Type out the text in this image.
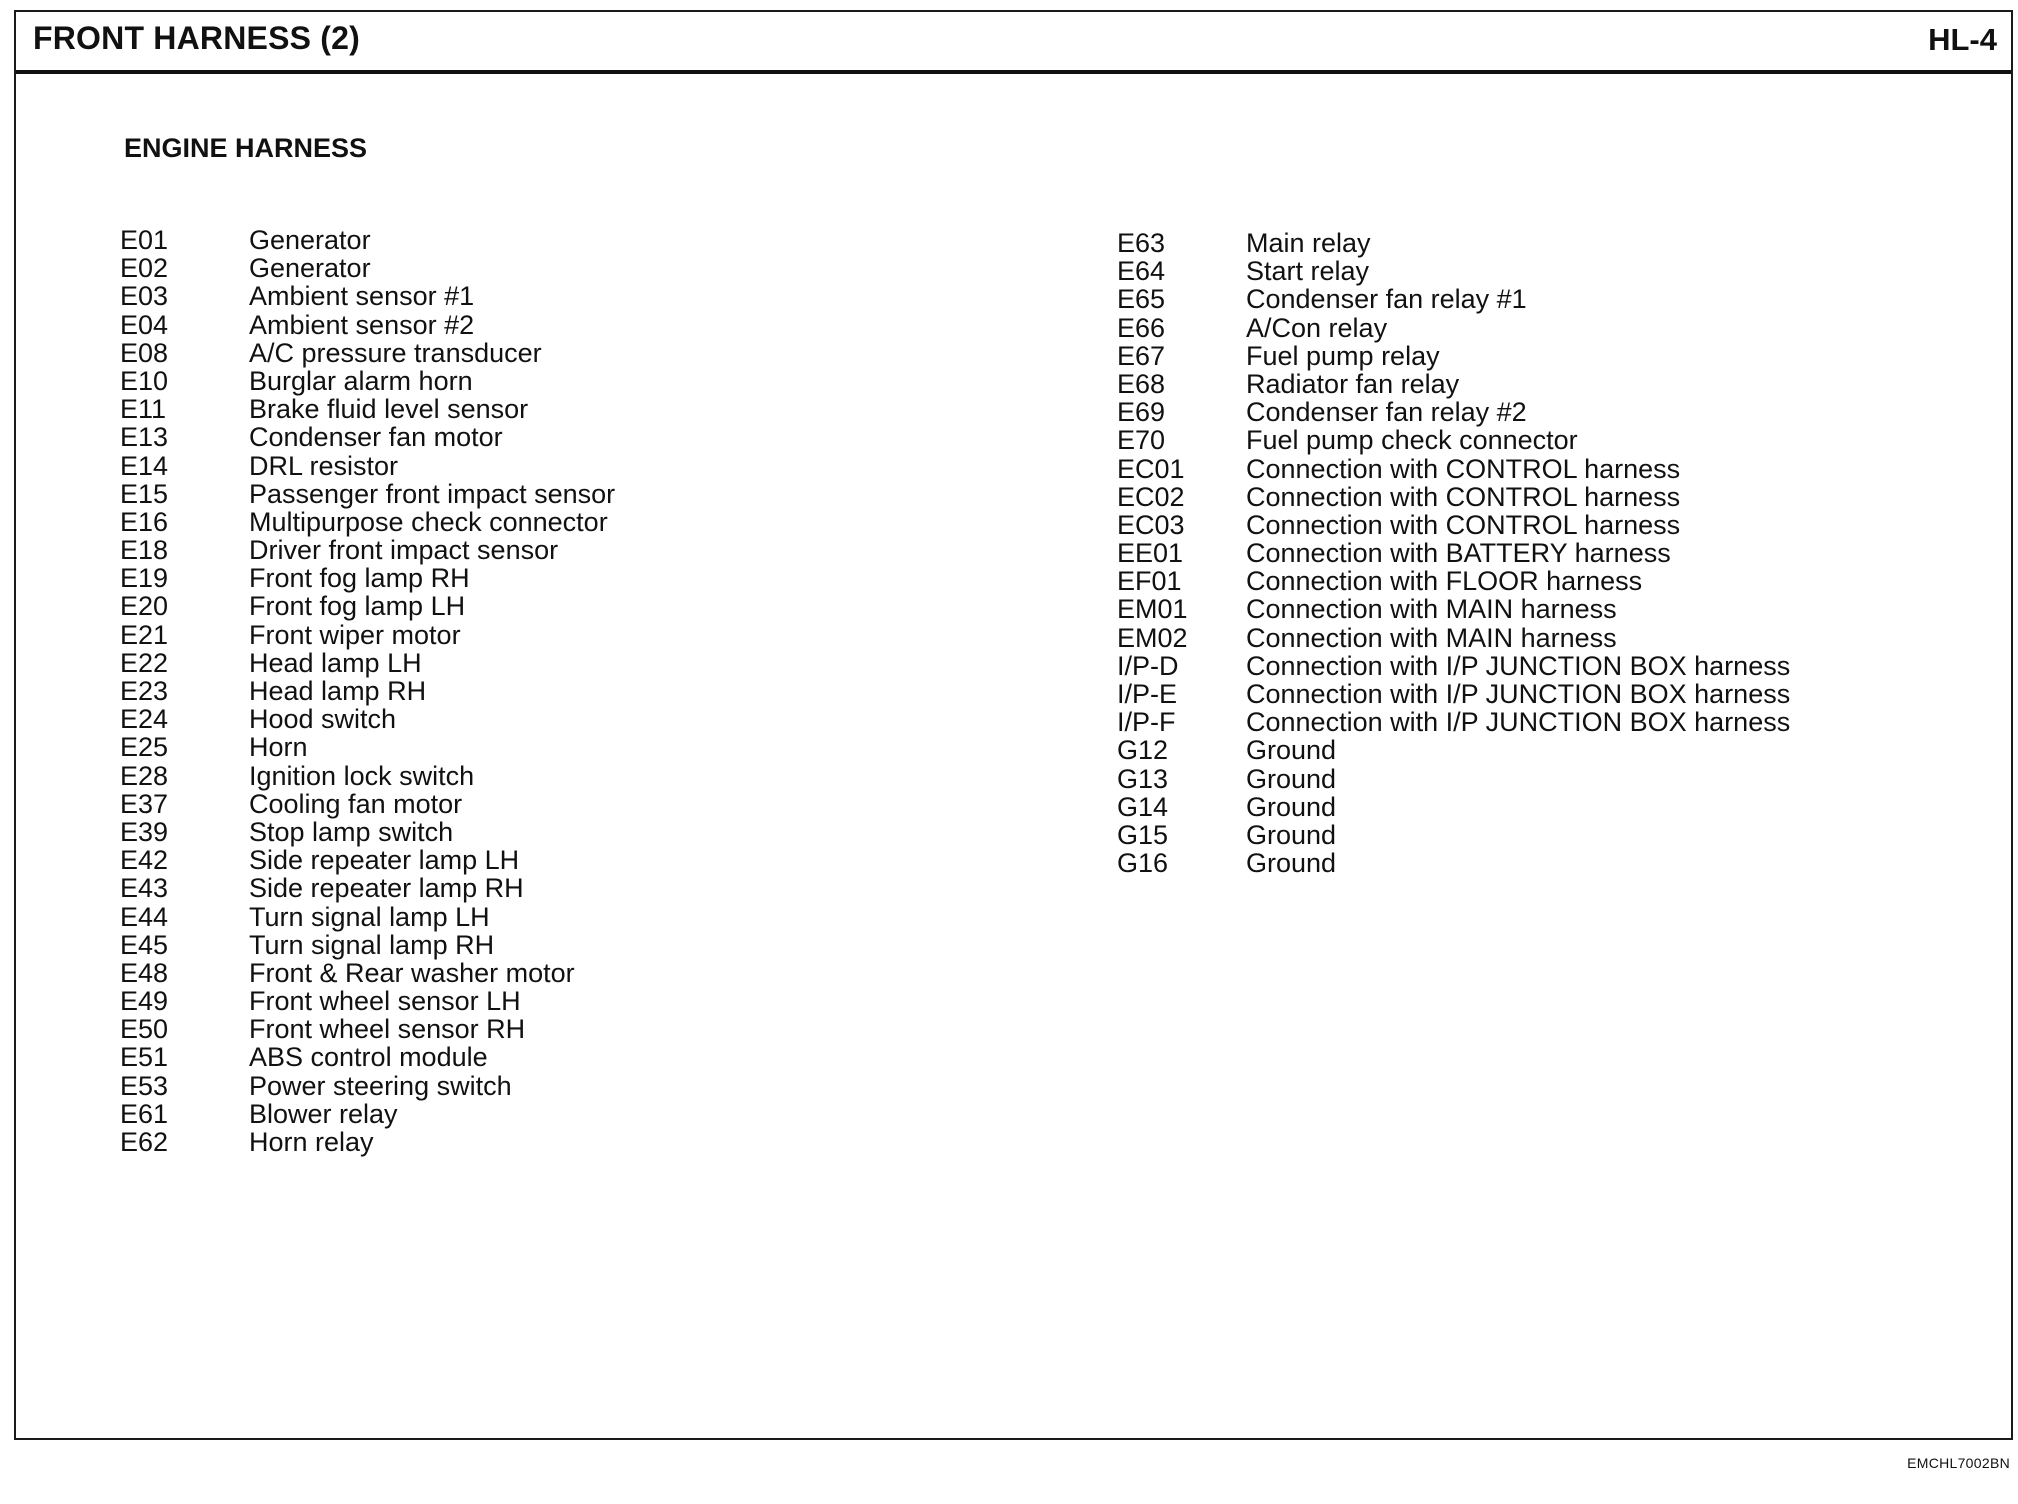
FRONT HARNESS (2)	HL-4
ENGINE HARNESS
E01	Generator
E02	Generator
E03	Ambient sensor #1
E04	Ambient sensor #2
E08	A/C pressure transducer
E10	Burglar alarm horn
E11	Brake fluid level sensor
E13	Condenser fan motor
E14	DRL resistor
E15	Passenger front impact sensor
E16	Multipurpose check connector
E18	Driver front impact sensor
E19	Front fog lamp RH
E20	Front fog lamp LH
E21	Front wiper motor
E22	Head lamp LH
E23	Head lamp RH
E24	Hood switch
E25	Horn
E28	Ignition lock switch
E37	Cooling fan motor
E39	Stop lamp switch
E42	Side repeater lamp LH
E43	Side repeater lamp RH
E44	Turn signal lamp LH
E45	Turn signal lamp RH
E48	Front & Rear washer motor
E49	Front wheel sensor LH
E50	Front wheel sensor RH
E51	ABS control module
E53	Power steering switch
E61	Blower relay
E62	Horn relay
E63	Main relay
E64	Start relay
E65	Condenser fan relay #1
E66	A/Con relay
E67	Fuel pump relay
E68	Radiator fan relay
E69	Condenser fan relay #2
E70	Fuel pump check connector
EC01 Connection with CONTROL harness
EC02 Connection with CONTROL harness
EC03 Connection with CONTROL harness
EE01 Connection with BATTERY harness
EF01 Connection with FLOOR harness
EM01 Connection with MAIN harness
EM02 Connection with MAIN harness
I/P-D Connection with I/P JUNCTION BOX harness
I/P-E	Connection with I/P JUNCTION BOX harness
I/P-F	Connection with I/P JUNCTION BOX harness
G12	Ground
G13	Ground
G14	Ground
G15	Ground
G16	Ground
EMCHL7002BN
